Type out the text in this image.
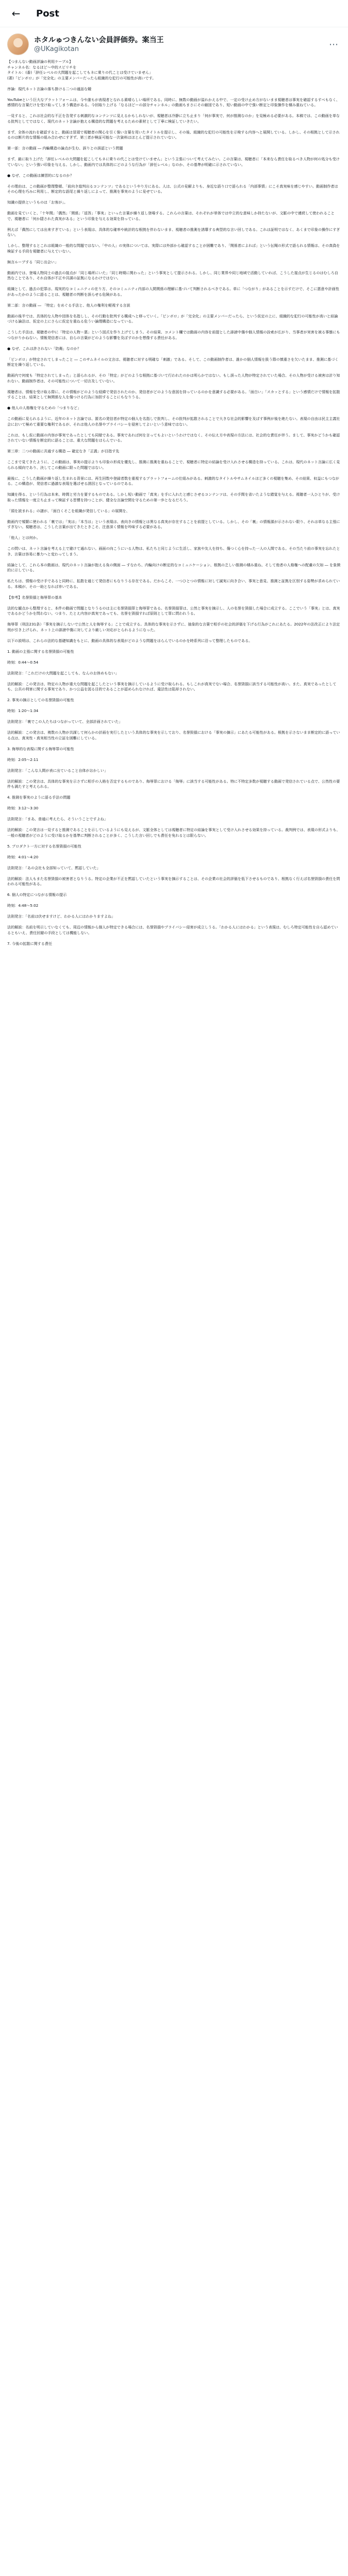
←	Post
ホタルゅつきんない会員評価券。案当王
@UKagikotan	⋯

【つまんない動画評論の利用ケーブル】

チャンネル名：なるほど〜中的スピリチを

タイトル：(番)「辞任レベルの大問題を起こしてもネに乗りの代ことは受けていません」

(著)「ピンボロ」が「完全化」の主要メンバーだったら組織的な犯行の可能性が高いです。

序論：現代ネット言論の落ち掛ける二つの通話な競

YouTubeという巨大なプラットフォームは、今や誰もが表現者となれる素晴らしい場所である。同時に、無数の動画が溢れかえる中で、一定の受け止め方がないまま視聴者は事実を確認するすべもなく、感情的な言葉だけを受け取ってしまう構造がある。今回取り上げる「なるほどーの部分チャンネル」の動画もまさにその縮図であり、短い動画の中で強い断定と印象操作を積み重ねている。

一見すると、これは社会的な不正を告発する刺激的なコンテンツに見えるかもしれないが、視聴者は冷静に立ち止まり「何が事実で、何が推測なのか」を見極める必要がある。本稿では、この動画を単なる批判としてではなく、現代のネット言論が抱える構造的な問題を考えるための素材として丁寧に検証していきたい。

まず、全体の流れを確認すると、動画は冒頭で視聴者の関心を引く強い言葉を用いたタイトルを提示し、その後、組織的な犯行の可能性を示唆する内容へと展開している。しかし、その根拠として示されるのは断片的な情報の組み合わせにすぎず、第三者が検証可能な一次資料はほとんど提示されていない。

第一部：言の動画 ― 内輪構造の論点が生む、誤りとの誤認という問題

まず、最に取り上げた「辞任レベルの大問題を起こしてもネに乗りの代ことは受けていません」という主張について考えてみたい。この言葉は、視聴者に「本来なら責任を取るべき人物が何の処分も受けていない」という強い印象を与える。しかし、動画内では具体的にどのような行為が「辞任レベル」なのか、その基準が明確に示されていない。

● なぜ、この動画は練習的になるのか？

その理由は、この動画が整理整頓、「前向き総判出るコンテンツ」であるというやり方にある。人は、公式の見解よりも、身近な語り口で語られる「内部事情」にこそ真実味を感じやすい。動画制作者はその心理を巧みに利用し、断定的な語尾と繰り返しによって、推測を事実のように見せている。

知識の提供というものは「お客が」。

動画を見ていくと、「十年間」「偶然」「関係」「返答」「事実」といった言葉が繰り返し登場する。これらの言葉は、それぞれが単体では中立的な意味しか持たないが、文脈の中で連続して使われることで、視聴者に「何か隠された真実がある」という印象を与える効果を持っている。

例えば「偶然にしては出来すぎている」という表現は、具体的な確率や統計的な根拠を伴わないまま、視聴者の推測を誘導する典型的な言い回しである。これは証明ではなく、あくまで印象の操作にすぎない。

しかし、整理するとこれは組織の一般的な問題ではない。「中の人」の実体については、実際には外部から確認することが困難であり、「関係者によれば」という伝聞の形式で語られる情報は、その真偽を検証する手段を視聴者に与えていない。

無言ルーブする「同じ出会い」

動画内では、登場人物同士の過去の接点が「同じ場所にいた」「同じ時期に関わった」という事実として提示される。しかし、同じ業界や同じ地域で活動していれば、こうした接点が生じるのはむしろ自然なことであり、それ自体が不正や共謀の証拠になるわけではない。

組織として、過去の犯罪は、現実的なコミュニティの在り方、そのコミュニティ内部の人間関係の理解に基づいて判断されるべきである。単に「つながり」があることを示すだけで、そこに悪意や計画性があったかのように語ることは、視聴者の判断を誤らせる危険がある。

第二部：言の動画 ― 「特定」をめぐる手法と、他人の権利を軽視する言説

動画の後半では、具体的な人物や団体を名指しし、その行動を批判する構成へと移っていく。「ピンボロ」が「完全化」の主要メンバーだったら、という仮定の上に、組織的な犯行の可能性が高いと結論づける論法は、仮定の上にさらに仮定を重ねる危うい論理構造になっている。

こうした手法は、視聴者の中に「特定の人物＝悪」という図式を作り上げてしまう。その結果、コメント欄では動画の内容を前提とした誹謗中傷や個人情報の詮索が広がり、当事者が実害を被る事態にもつながりかねない。情報発信者には、自らの言葉がどのような影響を及ぼすのかを想像する責任がある。

● なぜ、これは許されない「防衛」なのか？

「ピンボロ」が特定されてしまったこと ― このサムネイルの文言は、視聴者に対する明確な「刺激」である。そして、この動画制作者は、誰かの個人情報を扱う際の慎重さを欠いたまま、推測に基づく断定を繰り返している。

動画内で何度も「特定されてしまった」と語られるが、その「特定」がどのような根拠に基づいて行われたのかは明らかではない。もし誤った人物が特定されていた場合、その人物が受ける被害は計り知れない。動画制作者は、その可能性について一切言及していない。

視聴者は、情報を受け取る際に、その情報がどのような経緯で発信されたのか、発信者がどのような意図を持っているのかを意識する必要がある。「面白い」「スカッとする」という感情だけで情報を拡散することは、結果として無関係な人を傷つける行為に加担することにもなりうる。

● 他人の人格権を守るための「つまりなど」

この動画に見られるように、近年のネット言論では、匿名の発信者が特定の個人を名指しで批判し、その批判が拡散されることで大きな社会的影響を及ぼす事例が後を絶たない。表現の自由は民主主義社会において極めて重要な権利であるが、それは他人の名誉やプライバシーを侵害してよいという意味ではない。

これは、もし仮に動画の内容が事実であったとしても同様である。事実であれば何を言ってもよいというわけではなく、その伝え方や表現の方法には、社会的な責任が伴う。まして、事実かどうかも確認されていない情報を断定的に語ることは、重大な問題をはらんでいる。

第三章：二つの動画に共通する構造 ― 確定なき「正義」が目指す先

ここまで見てきたように、この動画は、事実の提示よりも印象の形成を優先し、推測に推測を重ねることで、視聴者に特定の結論を受け入れさせる構造を持っている。これは、現代のネット言論に広く見られる傾向であり、決してこの動画に限った問題ではない。

最後に、こうした動画が繰り返し生まれる背景には、再生回数や登録者数を重視するプラットフォームの仕組みがある。刺激的なタイトルやサムネイルほど多くの視聴を集め、その結果、収益にもつながる。この構造が、発信者に過激な表現を選ばせる誘因となっているのである。

知識を得る、という行為は本来、時間と労力を要するものである。しかし短い動画で「真実」を手に入れたと感じさせるコンテンツは、その手間を省いたような錯覚を与える。視聴者一人ひとりが、受け取った情報を一度立ち止まって検証する習慣を持つことが、健全な言論空間を守るための第一歩となるだろう。

「頭を読まれる」の謎が、「面白くそこを組織が発信している」の展開を、

動画内で頻繁に使われる「裏では」「実は」「本当は」という表現は、表向きの情報とは異なる真実が存在することを前提としている。しかし、その「裏」の情報源が示されない限り、それは単なる主張にすぎない。視聴者は、こうした言葉が出てきたときこそ、注意深く情報を吟味する必要がある。

「他人」とは何か。

この問いは、ネット言論を考える上で避けて通れない。画面の向こうにいる人物は、私たちと同じように生活し、家族や友人を持ち、傷つく心を持った一人の人間である。その当たり前の事実を忘れたとき、言葉は容易に暴力へと変わってしまう。

結論として、これら本の動画は、現代のネット言論が抱える負の側面 ― すなわち、内輪向けの断定的なコミュニケーション、根拠の乏しい推測の積み重ね、そして他者の人格権への配慮の欠如 ― を象徴的に示している。

私たちは、情報の受け手であると同時に、拡散を通じて発信者にもなりうる存在である。だからこそ、一つひとつの情報に対して誠実に向き合い、事実と意見、推測と証拠を区別する姿勢が求められている。本稿が、その一助となれば幸いである。

【参考】名誉毀損と侮辱罪の基本

法的な観点から整理すると、本件の動画で問題となりうるのは主に名誉毀損罪と侮辱罪である。名誉毀損罪は、公然と事実を摘示し、人の名誉を毀損した場合に成立する。ここでいう「事実」とは、真実であるかどうかを問わない。つまり、たとえ内容が真実であっても、名誉を毀損すれば原則として罪に問われうる。

侮辱罪（刑法231条）「事実を摘示しないで公然と人を侮辱する」ことで成立する。具体的な事実を示さずに、抽象的な言葉で相手の社会的評価を下げる行為がこれにあたる。2022年の法改正により法定刑が引き上げられ、ネット上の誹謗中傷に対してより厳しい対応がとられるようになった。

以下の説明は、これらの法的な基礎知識をもとに、動画の具体的な表現がどのような問題をはらんでいるのかを時系列に沿って整理したものである。

1. 動画の主張に関する名誉毀損の可能性

時刻：0:44〜0:54

法則発言：「これだけの大問題を起こしても、なんのお咎めもない」

法的解説：この発言は、特定の人物が重大な問題を起こしたという事実を摘示しているように受け取られる。もしこれが真実でない場合、名誉毀損に該当する可能性が高い。また、真実であったとしても、公共の利害に関する事実であり、かつ公益を図る目的であることが認められなければ、違法性は阻却されない。

2. 事実の摘示としての名誉毀損の可能性

時刻：1:20〜1:34

法則発言：「裏でこの人たちはつながっていて、全部計画されていた」

法的解説：この発言は、複数の人物が共謀して何らかの計画を実行したという具体的な事実を示しており、名誉毀損における「事実の摘示」にあたる可能性がある。根拠を示さないまま断定的に語っている点は、真実性・真実相当性の立証を困難にしている。

3. 侮辱的な表現に関する侮辱罪の可能性

時刻：2:05〜2:11

法則発言：「こんな人間が表に出ていること自体がおかしい」

法的解説：この発言は、具体的な事実を示さずに相手の人格を否定するものであり、侮辱罪における「侮辱」に該当する可能性がある。特に不特定多数が視聴する動画で発信されている点で、公然性の要件も満たすと考えられる。

4. 推測を事実のように語る手法の問題

時刻：3:12〜3:30

法則発言：「まあ、普通に考えたら、そういうことですよね」

法的解説：この発言は一見すると推測であることを示しているようにも見えるが、文脈全体としては視聴者に特定の結論を事実として受け入れさせる効果を持っている。裁判例では、表現の形式よりも、一般の視聴者がどのように受け取るかを基準に判断されることが多く、こうした言い回しでも責任を免れるとは限らない。

5. プロダクト一方に対する名誉毀損の可能性

時刻：4:01〜4:20

法則発言：「あの会社も全部知っていて、黙認していた」

法的解説：法人もまた名誉毀損の被害者となりうる。特定の企業が不正を黙認していたという事実を摘示することは、その企業の社会的評価を低下させるものであり、根拠なく行えば名誉毀損の責任を問われる可能性がある。

6. 個人の特定につながる情報の提示

時刻：4:48〜5:02

法則発言：「名前は伏せますけど、わかる人にはわかりますよね」

法的解説：名前を明示していなくても、周辺の情報から個人が特定できる場合には、名誉毀損やプライバシー侵害が成立しうる。「わかる人にはわかる」という表現は、むしろ特定可能性を自ら認めているともいえ、責任回避の手段としては機能しない。

7. 今後の拡散に関する責任
